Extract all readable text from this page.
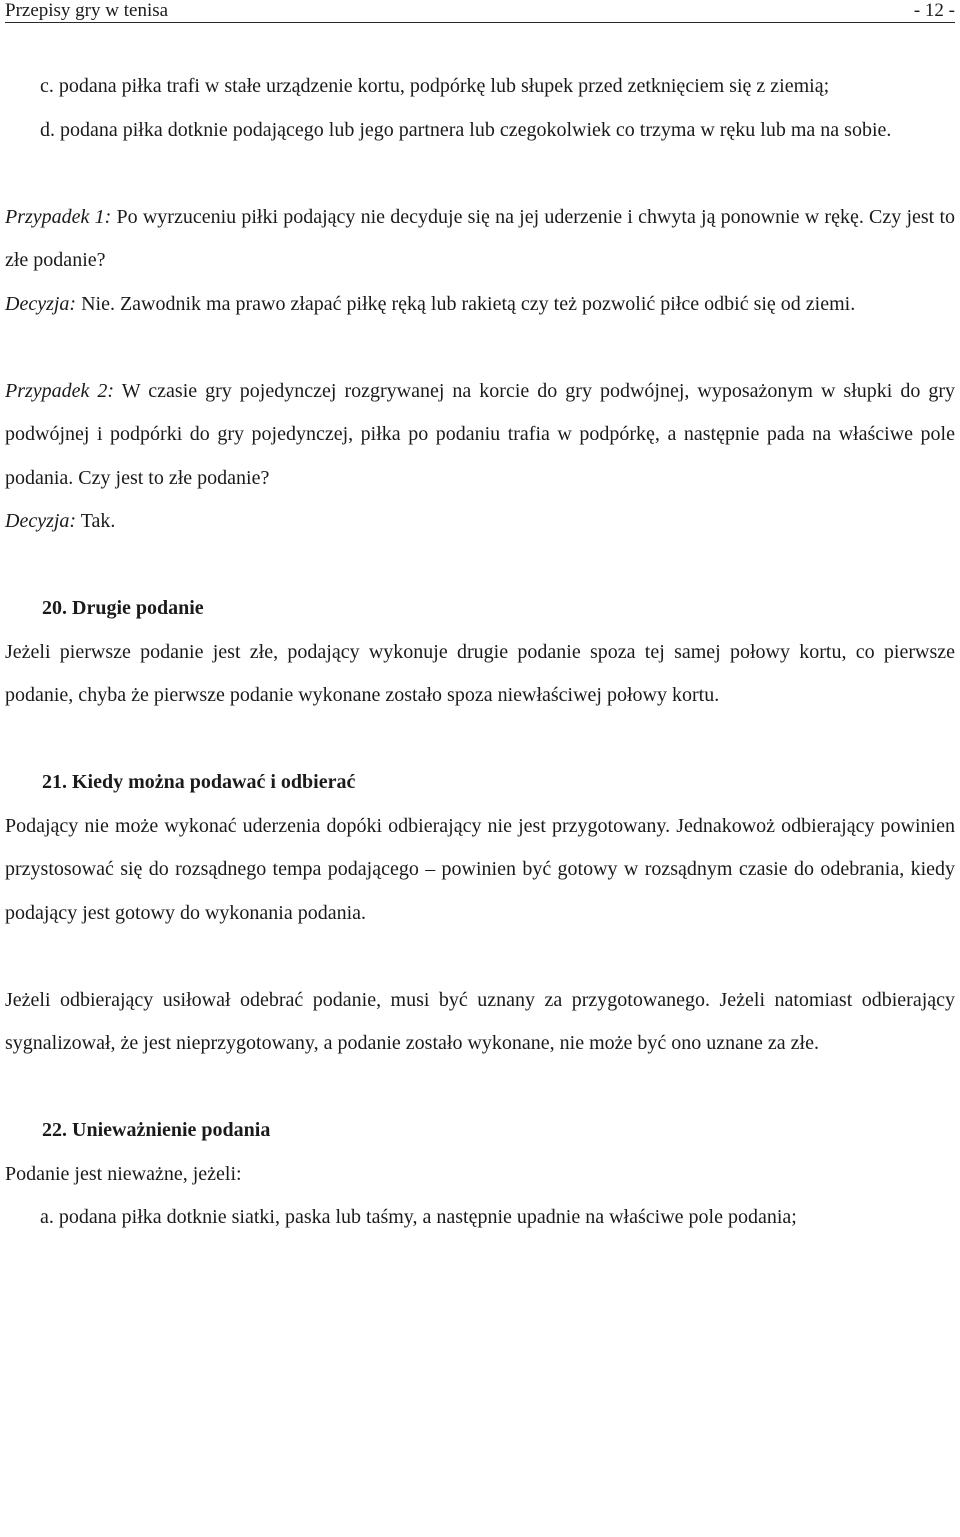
Przepisy gry w tenisa	- 12 -

c. podana piłka trafi w stałe urządzenie kortu, podpórkę lub słupek przed zetknięciem się z ziemią;

d. podana piłka dotknie podającego lub jego partnera lub czegokolwiek co trzyma w ręku lub ma na sobie.

Przypadek 1: Po wyrzuceniu piłki podający nie decyduje się na jej uderzenie i chwyta ją ponownie w rękę. Czy jest to złe podanie?

Decyzja: Nie. Zawodnik ma prawo złapać piłkę ręką lub rakietą czy też pozwolić piłce odbić się od ziemi.

Przypadek 2: W czasie gry pojedynczej rozgrywanej na korcie do gry podwójnej, wyposażonym w słupki do gry podwójnej i podpórki do gry pojedynczej, piłka po podaniu trafia w podpórkę, a następnie pada na właściwe pole podania. Czy jest to złe podanie?

Decyzja: Tak.

20. Drugie podanie

Jeżeli pierwsze podanie jest złe, podający wykonuje drugie podanie spoza tej samej połowy kortu, co pierwsze podanie, chyba że pierwsze podanie wykonane zostało spoza niewłaściwej połowy kortu.

21. Kiedy można podawać i odbierać

Podający nie może wykonać uderzenia dopóki odbierający nie jest przygotowany. Jednakowoż odbierający powinien przystosować się do rozsądnego tempa podającego – powinien być gotowy w rozsądnym czasie do odebrania, kiedy podający jest gotowy do wykonania podania.

Jeżeli odbierający usiłował odebrać podanie, musi być uznany za przygotowanego. Jeżeli natomiast odbierający sygnalizował, że jest nieprzygotowany, a podanie zostało wykonane, nie może być ono uznane za złe.

22. Unieważnienie podania

Podanie jest nieważne, jeżeli:

a. podana piłka dotknie siatki, paska lub taśmy, a następnie upadnie na właściwe pole podania;
